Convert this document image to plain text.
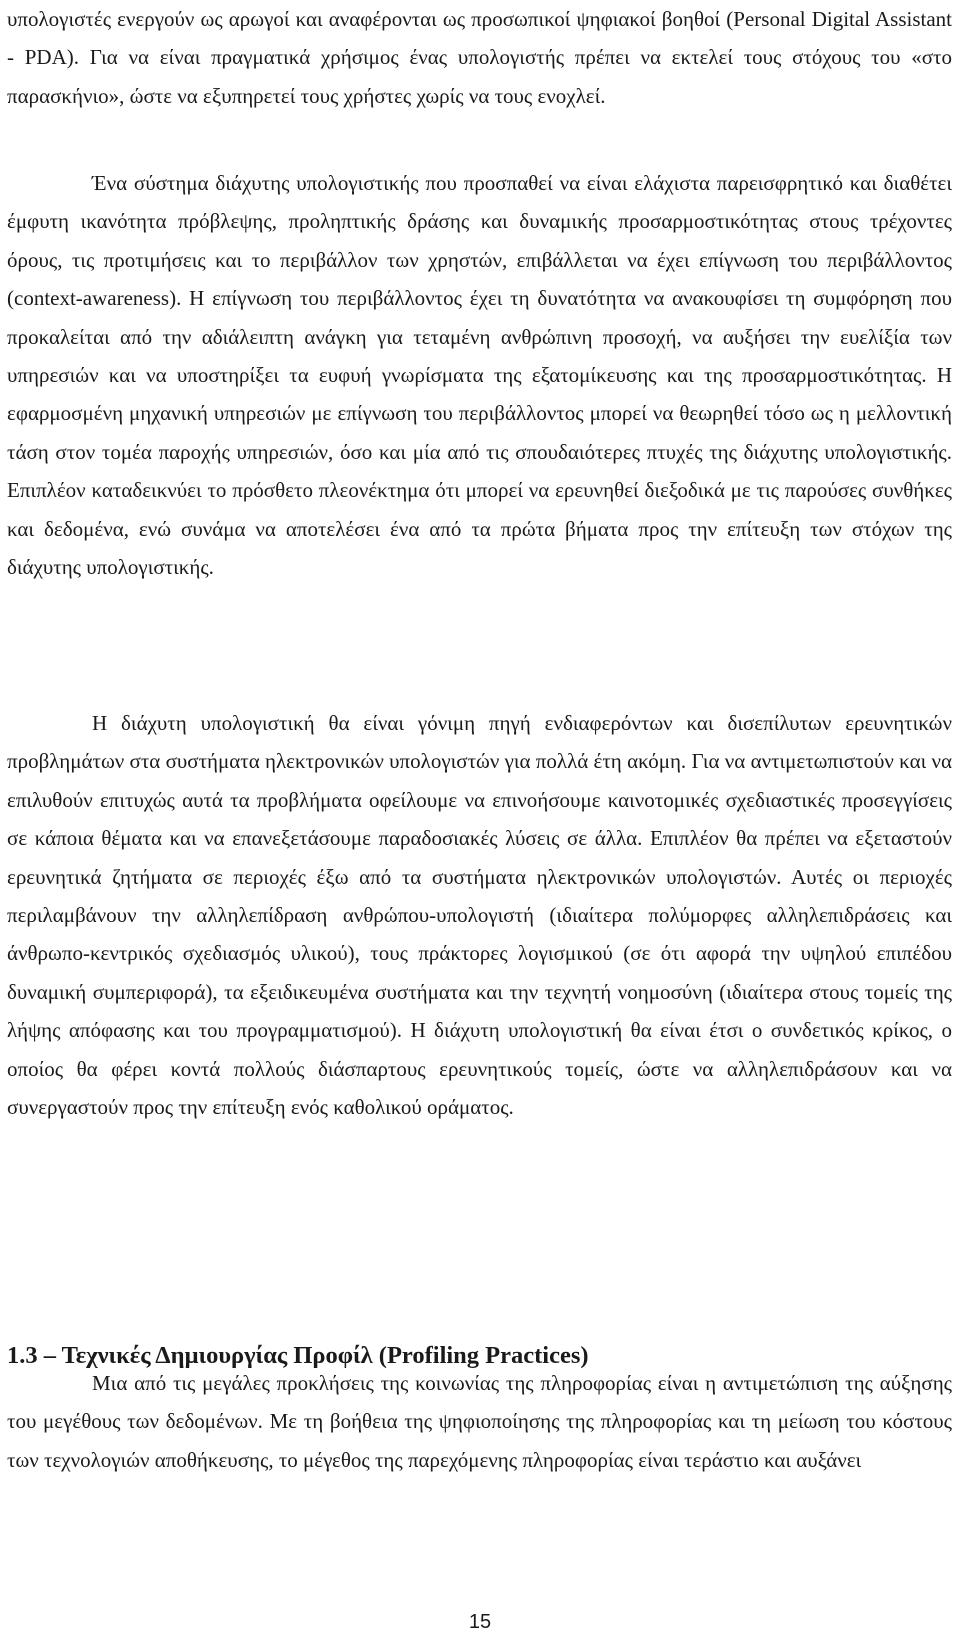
υπολογιστές ενεργούν ως αρωγοί και αναφέρονται ως προσωπικοί ψηφιακοί βοηθοί (Personal Digital Assistant - PDA). Για να είναι πραγματικά χρήσιμος ένας υπολογιστής πρέπει να εκτελεί τους στόχους του «στο παρασκήνιο», ώστε να εξυπηρετεί τους χρήστες χωρίς να τους ενοχλεί.

Ένα σύστημα διάχυτης υπολογιστικής που προσπαθεί να είναι ελάχιστα παρεισφρητικό και διαθέτει έμφυτη ικανότητα πρόβλεψης, προληπτικής δράσης και δυναμικής προσαρμοστικότητας στους τρέχοντες όρους, τις προτιμήσεις και το περιβάλλον των χρηστών, επιβάλλεται να έχει επίγνωση του περιβάλλοντος (context-awareness). Η επίγνωση του περιβάλλοντος έχει τη δυνατότητα να ανακουφίσει τη συμφόρηση που προκαλείται από την αδιάλειπτη ανάγκη για τεταμένη ανθρώπινη προσοχή, να αυξήσει την ευελίξία των υπηρεσιών και να υποστηρίξει τα ευφυή γνωρίσματα της εξατομίκευσης και της προσαρμοστικότητας. Η εφαρμοσμένη μηχανική υπηρεσιών με επίγνωση του περιβάλλοντος μπορεί να θεωρηθεί τόσο ως η μελλοντική τάση στον τομέα παροχής υπηρεσιών, όσο και μία από τις σπουδαιότερες πτυχές της διάχυτης υπολογιστικής. Επιπλέον καταδεικνύει το πρόσθετο πλεονέκτημα ότι μπορεί να ερευνηθεί διεξοδικά με τις παρούσες συνθήκες και δεδομένα, ενώ συνάμα να αποτελέσει ένα από τα πρώτα βήματα προς την επίτευξη των στόχων της διάχυτης υπολογιστικής.

Η διάχυτη υπολογιστική θα είναι γόνιμη πηγή ενδιαφερόντων και δισεπίλυτων ερευνητικών προβλημάτων στα συστήματα ηλεκτρονικών υπολογιστών για πολλά έτη ακόμη. Για να αντιμετωπιστούν και να επιλυθούν επιτυχώς αυτά τα προβλήματα οφείλουμε να επινοήσουμε καινοτομικές σχεδιαστικές προσεγγίσεις σε κάποια θέματα και να επανεξετάσουμε παραδοσιακές λύσεις σε άλλα. Επιπλέον θα πρέπει να εξεταστούν ερευνητικά ζητήματα σε περιοχές έξω από τα συστήματα ηλεκτρονικών υπολογιστών. Αυτές οι περιοχές περιλαμβάνουν την αλληλεπίδραση ανθρώπου-υπολογιστή (ιδιαίτερα πολύμορφες αλληλεπιδράσεις και άνθρωπο-κεντρικός σχεδιασμός υλικού), τους πράκτορες λογισμικού (σε ότι αφορά την υψηλού επιπέδου δυναμική συμπεριφορά), τα εξειδικευμένα συστήματα και την τεχνητή νοημοσύνη (ιδιαίτερα στους τομείς της λήψης απόφασης και του προγραμματισμού). Η διάχυτη υπολογιστική θα είναι έτσι ο συνδετικός κρίκος, ο οποίος θα φέρει κοντά πολλούς διάσπαρτους ερευνητικούς τομείς, ώστε να αλληλεπιδράσουν και να συνεργαστούν προς την επίτευξη ενός καθολικού οράματος.

1.3 – Τεχνικές Δημιουργίας Προφίλ (Profiling Practices)

Μια από τις μεγάλες προκλήσεις της κοινωνίας της πληροφορίας είναι η αντιμετώπιση της αύξησης του μεγέθους των δεδομένων. Με τη βοήθεια της ψηφιοποίησης της πληροφορίας και τη μείωση του κόστους των τεχνολογιών αποθήκευσης, το μέγεθος της παρεχόμενης πληροφορίας είναι τεράστιο και αυξάνει

15
